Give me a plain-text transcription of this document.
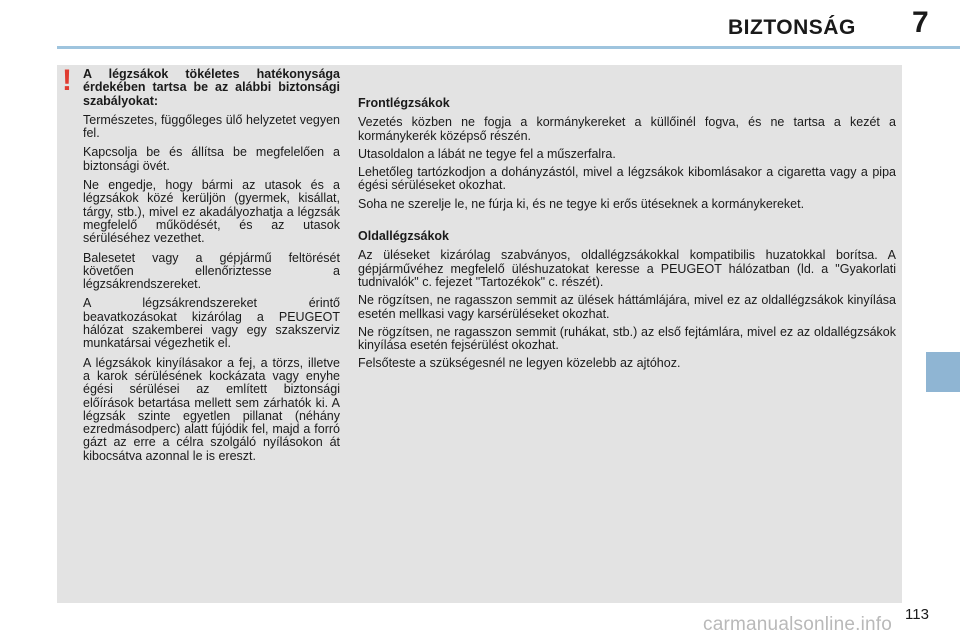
BIZTONSÁG 7
! A légzsákok tökéletes hatékonysága érdekében tartsa be az alábbi biztonsági szabályokat:

Természetes, függőleges ülő helyzetet vegyen fel.

Kapcsolja be és állítsa be megfelelően a biztonsági övét.

Ne engedje, hogy bármi az utasok és a légzsákok közé kerüljön (gyermek, kisállat, tárgy, stb.), mivel ez akadályozhatja a légzsák megfelelő működését, és az utasok sérüléséhez vezethet.

Balesetet vagy a gépjármű feltörését követően ellenőriztesse a légzsákrendszereket.

A légzsákrendszereket érintő beavatkozásokat kizárólag a PEUGEOT hálózat szakemberei vagy egy szakszerviz munkatársai végezhetik el.

A légzsákok kinyílásakor a fej, a törzs, illetve a karok sérülésének kockázata vagy enyhe égési sérülései az említett biztonsági előírások betartása mellett sem zárhatók ki. A légzsák szinte egyetlen pillanat (néhány ezredmásodperc) alatt fújódik fel, majd a forró gázt az erre a célra szolgáló nyílásokon át kibocsátva azonnal le is ereszt.

Frontlégzsákok

Vezetés közben ne fogja a kormánykereket a küllőinél fogva, és ne tartsa a kezét a kormánykerék középső részén.

Utasoldalon a lábát ne tegye fel a műszerfalra.

Lehetőleg tartózkodjon a dohányzástól, mivel a légzsákok kibomlásakor a cigaretta vagy a pipa égési sérüléseket okozhat.

Soha ne szerelje le, ne fúrja ki, és ne tegye ki erős ütéseknek a kormánykereket.

Oldallégzsákok

Az üléseket kizárólag szabványos, oldallégzsákokkal kompatibilis huzatokkal borítsa. A gépjárművéhez megfelelő üléshuzatokat keresse a PEUGEOT hálózatban (ld. a "Gyakorlati tudnivalók" c. fejezet "Tartozékok" c. részét).

Ne rögzítsen, ne ragasszon semmit az ülések háttámlájára, mivel ez az oldallégzsákok kinyílása esetén mellkasi vagy karsérüléseket okozhat.

Ne rögzítsen, ne ragasszon semmit (ruhákat, stb.) az első fejtámlára, mivel ez az oldallégzsákok kinyílása esetén fejsérülést okozhat.

Felsőteste a szükségesnél ne legyen közelebb az ajtóhoz.

113
carmanualsonline.info
